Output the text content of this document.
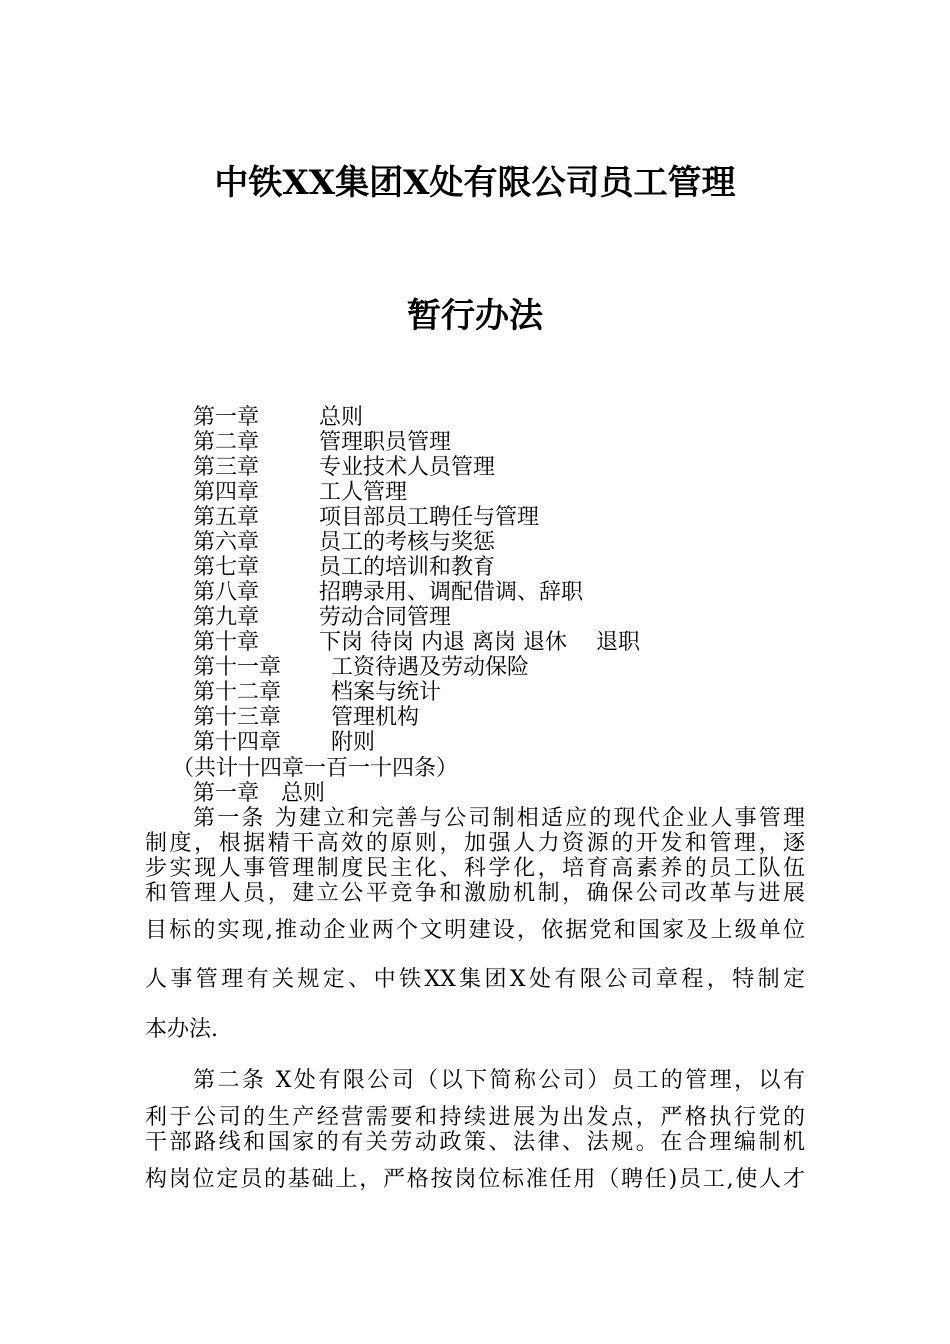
中铁XX集团X处有限公司员工管理
暂行办法
第一章	总则
第二章	管理职员管理
第三章	专业技术人员管理
第四章	工人管理
第五章	项目部员工聘任与管理
第六章	员工的考核与奖惩
第七章	员工的培训和教育
第八章	招聘录用、调配借调、辞职
第九章	劳动合同管理
第十章	下岗 待岗 内退 离岗 退休　 退职
第十一章	工资待遇及劳动保险
第十二章	档案与统计
第十三章	管理机构
第十四章	附则
（共计十四章一百一十四条）
第一章　总则
第一条 为建立和完善与公司制相适应的现代企业人事管理
制度，根据精干高效的原则，加强人力资源的开发和管理，逐
步实现人事管理制度民主化、科学化，培育高素养的员工队伍
和管理人员，建立公平竞争和激励机制，确保公司改革与进展
目标的实现,推动企业两个文明建设，依据党和国家及上级单位
人事管理有关规定、中铁XX集团X处有限公司章程，特制定
本办法.
第二条 X处有限公司（以下简称公司）员工的管理，以有
利于公司的生产经营需要和持续进展为出发点，严格执行党的
干部路线和国家的有关劳动政策、法律、法规。在合理编制机
构岗位定员的基础上，严格按岗位标准任用（聘任)员工,使人才
